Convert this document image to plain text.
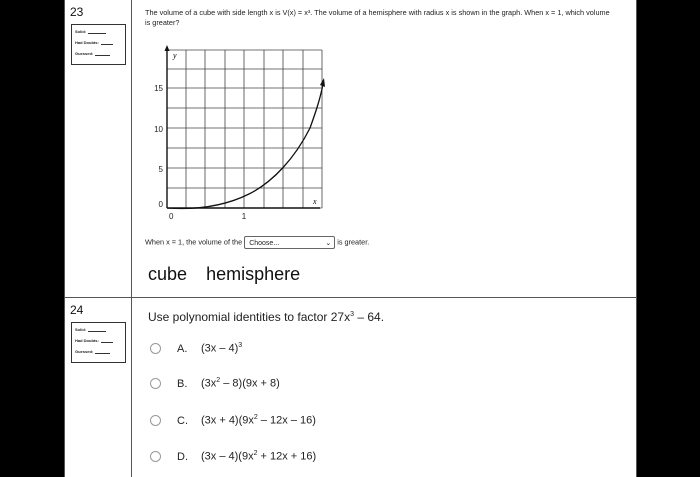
23
Solid:
Had Doubts:
Guessed:
The volume of a cube with side length x is V(x) = x³. The volume of a hemisphere with radius x is shown in the graph. When x = 1, which volume is greater?
y
x
15
10
5
0
0	1
When x = 1, the volume of the Choose...	⌄ is greater.
cube hemisphere
24
Solid:
Had Doubts:
Guessed:
Use polynomial identities to factor $27x^3 - 64$.
A. (3x – 4)$^3$
B. $(3x^2 - 8)(9x + 8)$
C. $(3x + 4)(9x^2 - 12x - 16)$
D. $(3x - 4)(9x^2 + 12x + 16)$
